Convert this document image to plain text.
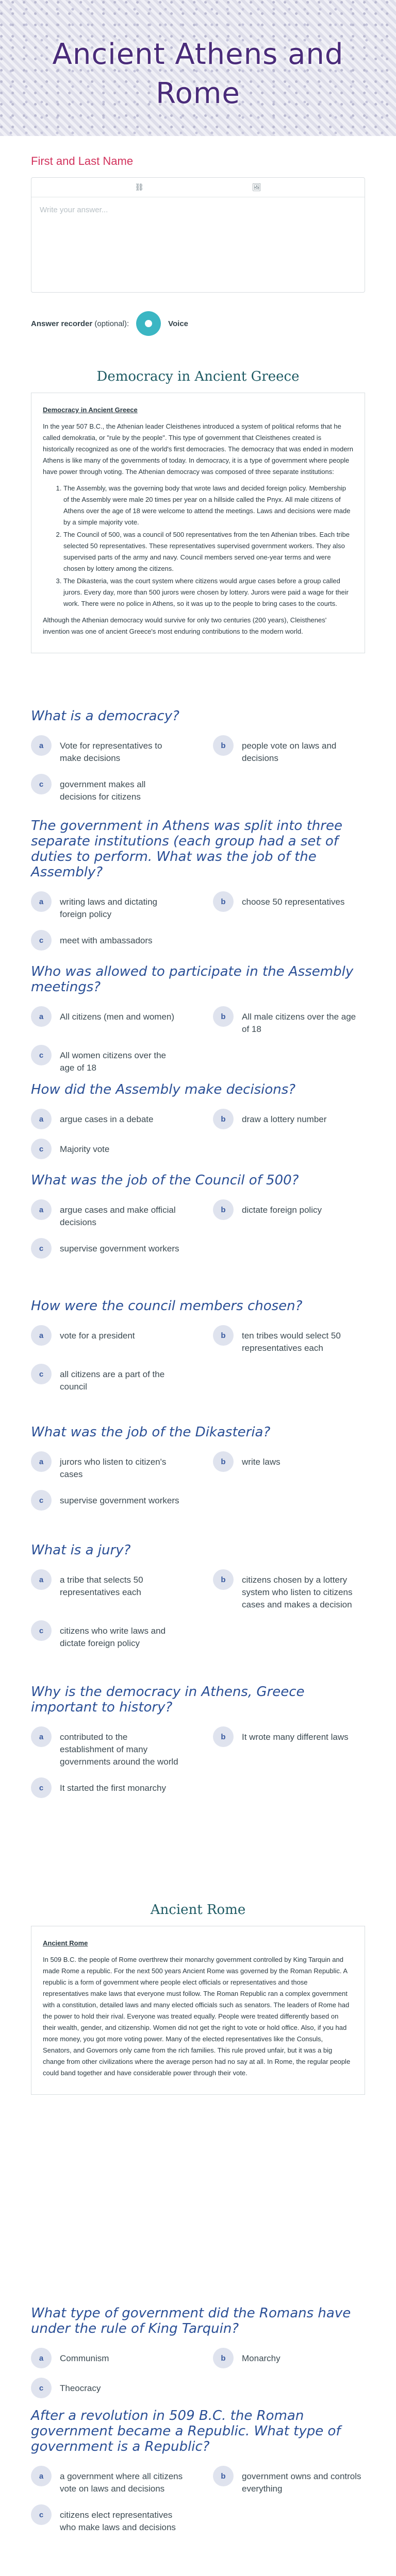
Ancient Athens and
Rome
First and Last Name
⛓	🖼
Write your answer...
Answer recorder (optional):	Voice
Democracy in Ancient Greece

Democracy in Ancient Greece

In the year 507 B.C., the Athenian leader Cleisthenes introduced a system of political reforms that he called demokratia, or "rule by the people". This type of government that Cleisthenes created is historically recognized as one of the world's first democracies. The democracy that was ended in modern Athens is like many of the governments of today. In democracy, it is a type of government where people have power through voting. The Athenian democracy was composed of three separate institutions:

1. The Assembly, was the governing body that wrote laws and decided foreign policy. Membership of the Assembly were male 20 times per year on a hillside called the Pnyx. All male citizens of Athens over the age of 18 were welcome to attend the meetings. Laws and decisions were made by a simple majority vote.
2. The Council of 500, was a council of 500 representatives from the ten Athenian tribes. Each tribe selected 50 representatives. These representatives supervised government workers. They also supervised parts of the army and navy. Council members served one-year terms and were chosen by lottery among the citizens.
3. The Dikasteria, was the court system where citizens would argue cases before a group called jurors. Every day, more than 500 jurors were chosen by lottery. Jurors were paid a wage for their work. There were no police in Athens, so it was up to the people to bring cases to the courts.

Although the Athenian democracy would survive for only two centuries (200 years), Cleisthenes' invention was one of ancient Greece's most enduring contributions to the modern world.

What is a democracy?
a	Vote for representatives to make decisions
b	people vote on laws and decisions
c	government makes all decisions for citizens
The government in Athens was split into three separate institutions (each group had a set of duties to perform. What was the job of the Assembly?
a	writing laws and dictating foreign policy
b	choose 50 representatives
c	meet with ambassadors
Who was allowed to participate in the Assembly meetings?
a	All citizens (men and women)	b	All male citizens over the age of 18
c	All women citizens over the age of 18
How did the Assembly make decisions?
a	argue cases in a debate	b	draw a lottery number
c	Majority vote
What was the job of the Council of 500?
a	argue cases and make official decisions
b	dictate foreign policy
c	supervise government workers
How were the council members chosen?
a	vote for a president	b	ten tribes would select 50 representatives each
c	all citizens are a part of the council
What was the job of the Dikasteria?
a	jurors who listen to citizen's cases
b	write laws
c	supervise government workers
What is a jury?
a	a tribe that selects 50 representatives each
b	citizens chosen by a lottery system who listen to citizens cases and makes a decision
c	citizens who write laws and dictate foreign policy
Why is the democracy in Athens, Greece important to history?
a	contributed to the establishment of many governments around the world
b	It wrote many different laws
c	It started the first monarchy
Ancient Rome

Ancient Rome

In 509 B.C. the people of Rome overthrew their monarchy government controlled by King Tarquin and made Rome a republic. For the next 500 years Ancient Rome was governed by the Roman Republic. A republic is a form of government where people elect officials or representatives and those representatives make laws that everyone must follow. The Roman Republic ran a complex government with a constitution, detailed laws and many elected officials such as senators. The leaders of Rome had the power to hold their rival. Everyone was treated equally. People were treated differently based on their wealth, gender, and citizenship. Women did not get the right to vote or hold office. Also, if you had more money, you got more voting power. Many of the elected representatives like the Consuls, Senators, and Governors only came from the rich families. This rule proved unfair, but it was a big change from other civilizations where the average person had no say at all. In Rome, the regular people could band together and have considerable power through their vote.

What type of government did the Romans have under the rule of King Tarquin?
a	Communism	b	Monarchy
c	Theocracy
After a revolution in 509 B.C. the Roman government became a Republic. What type of government is a Republic?
a	a government where all citizens vote on laws and decisions
b	government owns and controls everything
c	citizens elect representatives who make laws and decisions
